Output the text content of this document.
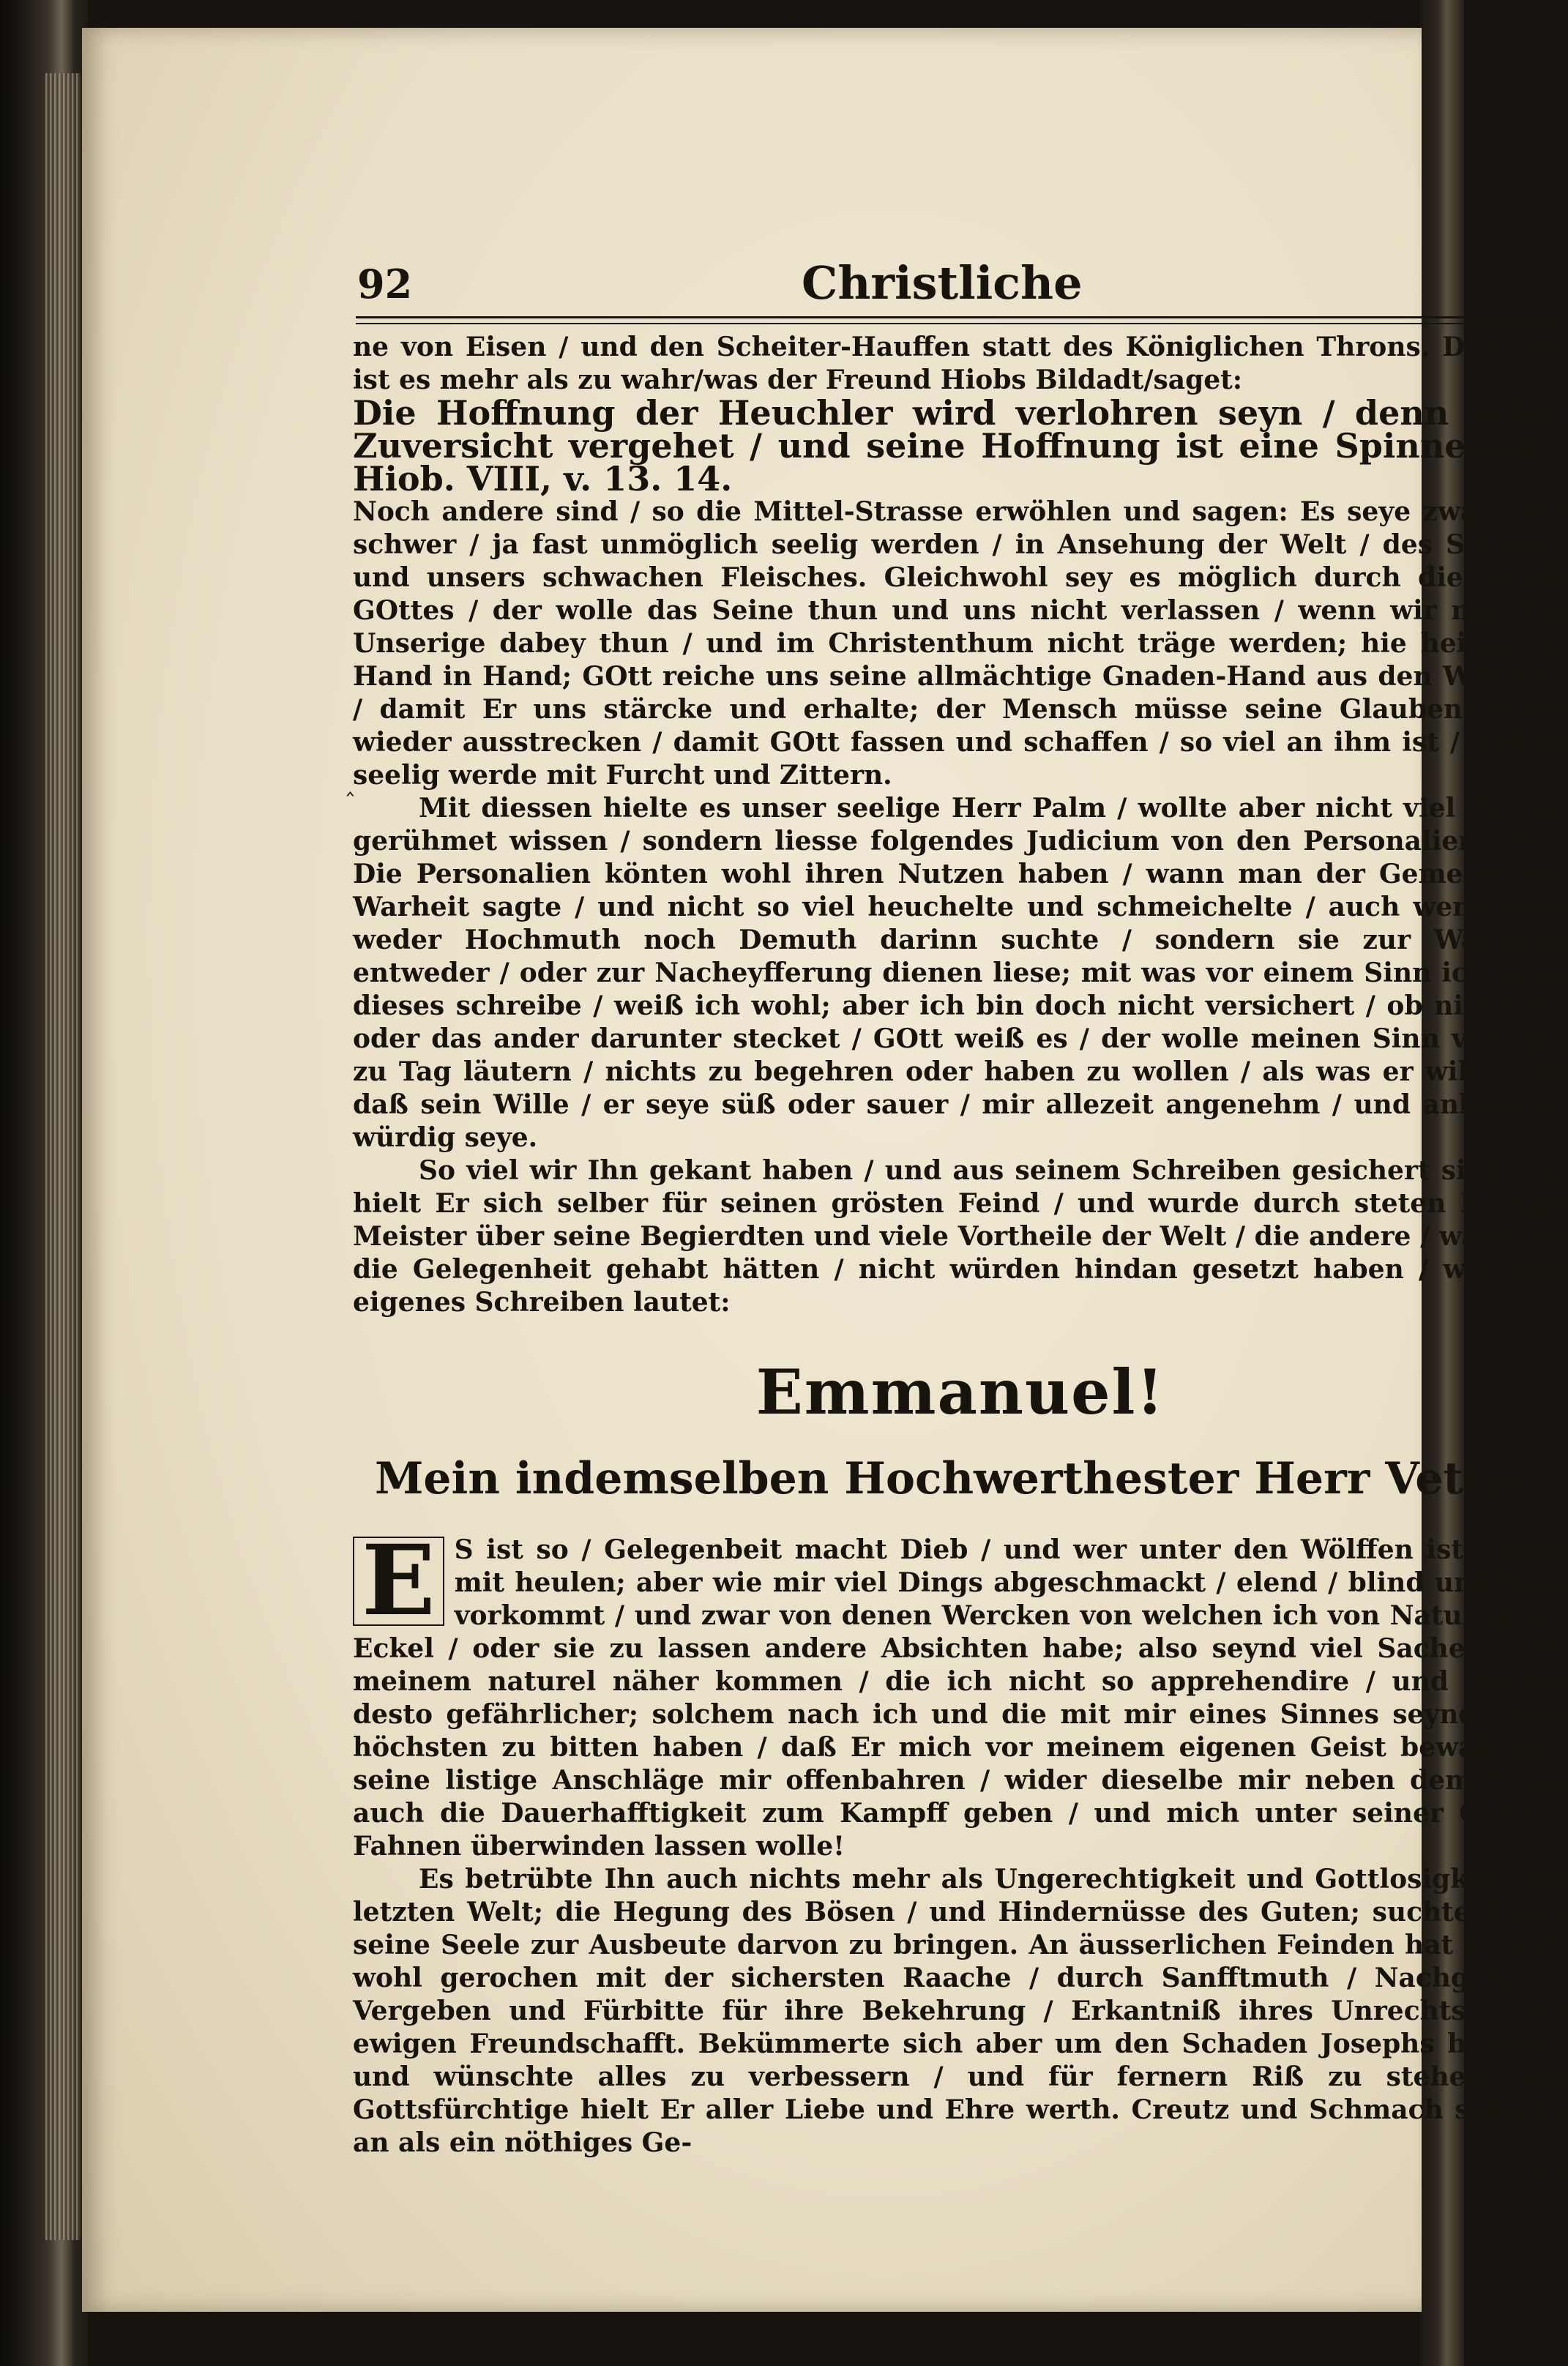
92	Christliche
‸

ne von Eisen / und den Scheiter-Hauffen statt des Königlichen Throns. Denn da ist es mehr als zu wahr/was der Freund Hiobs Bildadt/saget:

Die Hoffnung der Heuchler wird verlohren seyn / denn seine Zuversicht vergehet / und seine Hoffnung ist eine Spinneweb / Hiob. VIII, v. 13. 14.

Noch andere sind / so die Mittel-Strasse erwöhlen und sagen: Es seye zwar sehr schwer / ja fast unmöglich seelig werden / in Ansehung der Welt / des Satans / und unsers schwachen Fleisches. Gleichwohl sey es möglich durch die Krafft GOttes / der wolle das Seine thun und uns nicht verlassen / wenn wir nur das Unserige dabey thun / und im Christenthum nicht träge werden; hie heisse es: Hand in Hand; GOtt reiche uns seine allmächtige Gnaden-Hand aus den Wolcken / damit Er uns stärcke und erhalte; der Mensch müsse seine Glaubens-Hand wieder ausstrecken / damit GOtt fassen und schaffen / so viel an ihm ist / daß er seelig werde mit Furcht und Zittern.

Mit diessen hielte es unser seelige Herr Palm / wollte aber nicht viel darvon gerühmet wissen / sondern liesse folgendes Judicium von den Personalien über: Die Personalien könten wohl ihren Nutzen haben / wann man der Gemeine die Warheit sagte / und nicht so viel heuchelte und schmeichelte / auch wenn man weder Hochmuth noch Demuth darinn suchte / sondern sie zur Warnung entweder / oder zur Nacheyfferung dienen liese; mit was vor einem Sinn ich jetzo dieses schreibe / weiß ich wohl; aber ich bin doch nicht versichert / ob nicht ein oder das ander darunter stecket / GOtt weiß es / der wolle meinen Sinn von Tag zu Tag läutern / nichts zu begehren oder haben zu wollen / als was er will / und daß sein Wille / er seye süß oder sauer / mir allezeit angenehm / und anbetens-würdig seye.

So viel wir Ihn gekant haben / und aus seinem Schreiben gesichert sind / so hielt Er sich selber für seinen grösten Feind / und wurde durch steten Kampff Meister über seine Begierdten und viele Vortheile der Welt / die andere / wann sie die Gelegenheit gehabt hätten / nicht würden hindan gesetzt haben / wie sein eigenes Schreiben lautet:

Emmanuel!
Mein indemselben Hochwerthester Herr Vetter.
E S ist so / Gelegenbeit macht Dieb / und wer unter den Wölffen ist / solle mit heulen; aber wie mir viel Dings abgeschmackt / elend / blind und bloß vorkommt / und zwar von denen Wercken von welchen ich von Natur einen Eckel / oder sie zu lassen andere Absichten habe; also seynd viel Sachen / die meinem naturel näher kommen / die ich nicht so apprehendire / und dahero desto gefährlicher; solchem nach ich und die mit mir eines Sinnes seynd / den höchsten zu bitten haben / daß Er mich vor meinem eigenen Geist bewahren / seine listige Anschläge mir offenbahren / wider dieselbe mir neben dem Ernst auch die Dauerhafftigkeit zum Kampff geben / und mich unter seiner Creutz-Fahnen überwinden lassen wolle!

Es betrübte Ihn auch nichts mehr als Ungerechtigkeit und Gottlosigkeit der letzten Welt; die Hegung des Bösen / und Hindernüsse des Guten; suchte daher seine Seele zur Ausbeute darvon zu bringen. An äusserlichen Feinden hat Er sich wohl gerochen mit der sichersten Raache / durch Sanfftmuth / Nachgeben / Vergeben und Fürbitte für ihre Bekehrung / Erkantniß ihres Unrechts / und ewigen Freundschafft. Bekümmerte sich aber um den Schaden Josephs hefftig / und wünschte alles zu verbessern / und für fernern Riß zu stehen. Die Gottsfürchtige hielt Er aller Liebe und Ehre werth. Creutz und Schmach sahe Er an als ein nöthiges Ge-

richt
